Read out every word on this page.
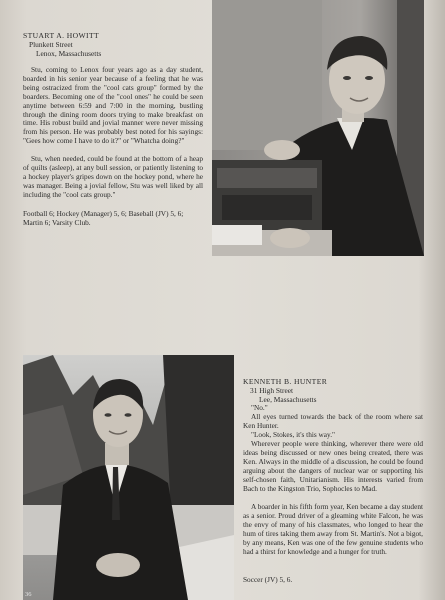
STUART A. HOWITT
Plunkett Street
Lenox, Massachusetts

Stu, coming to Lenox four years ago as a day student, boarded in his senior year because of a feeling that he was being ostracized from the "cool cats group" formed by the boarders. Becoming one of the "cool ones" he could be seen anytime between 6:59 and 7:00 in the morning, bustling through the dining room doors trying to make breakfast on time. His robust build and jovial manner were never missing from his person. He was probably best noted for his sayings: "Gees how come I have to do it?" or "Whatcha doing?"

Stu, when needed, could be found at the bottom of a heap of quilts (asleep), at any bull session, or patiently listening to a hockey player's gripes down on the hockey pond, where he was manager. Being a jovial fellow, Stu was well liked by all including the "cool cats group."

Football 6; Hockey (Manager) 5, 6; Baseball (JV) 5, 6; Martin 6; Varsity Club.

36
KENNETH B. HUNTER
31 High Street
Lee, Massachusetts

"No."

All eyes turned towards the back of the room where sat Ken Hunter.

"Look, Stokes, it's this way."

Wherever people were thinking, wherever there were old ideas being discussed or new ones being created, there was Ken. Always in the middle of a discussion, he could be found arguing about the dangers of nuclear war or supporting his self-chosen faith, Unitarianism. His interests varied from Bach to the Kingston Trio, Sophocles to Mad.

A boarder in his fifth form year, Ken became a day student as a senior. Proud driver of a gleaming white Falcon, he was the envy of many of his classmates, who longed to hear the hum of tires taking them away from St. Martin's. Not a bigot, by any means, Ken was one of the few genuine students who had a thirst for knowledge and a hunger for truth.

Soccer (JV) 5, 6.
